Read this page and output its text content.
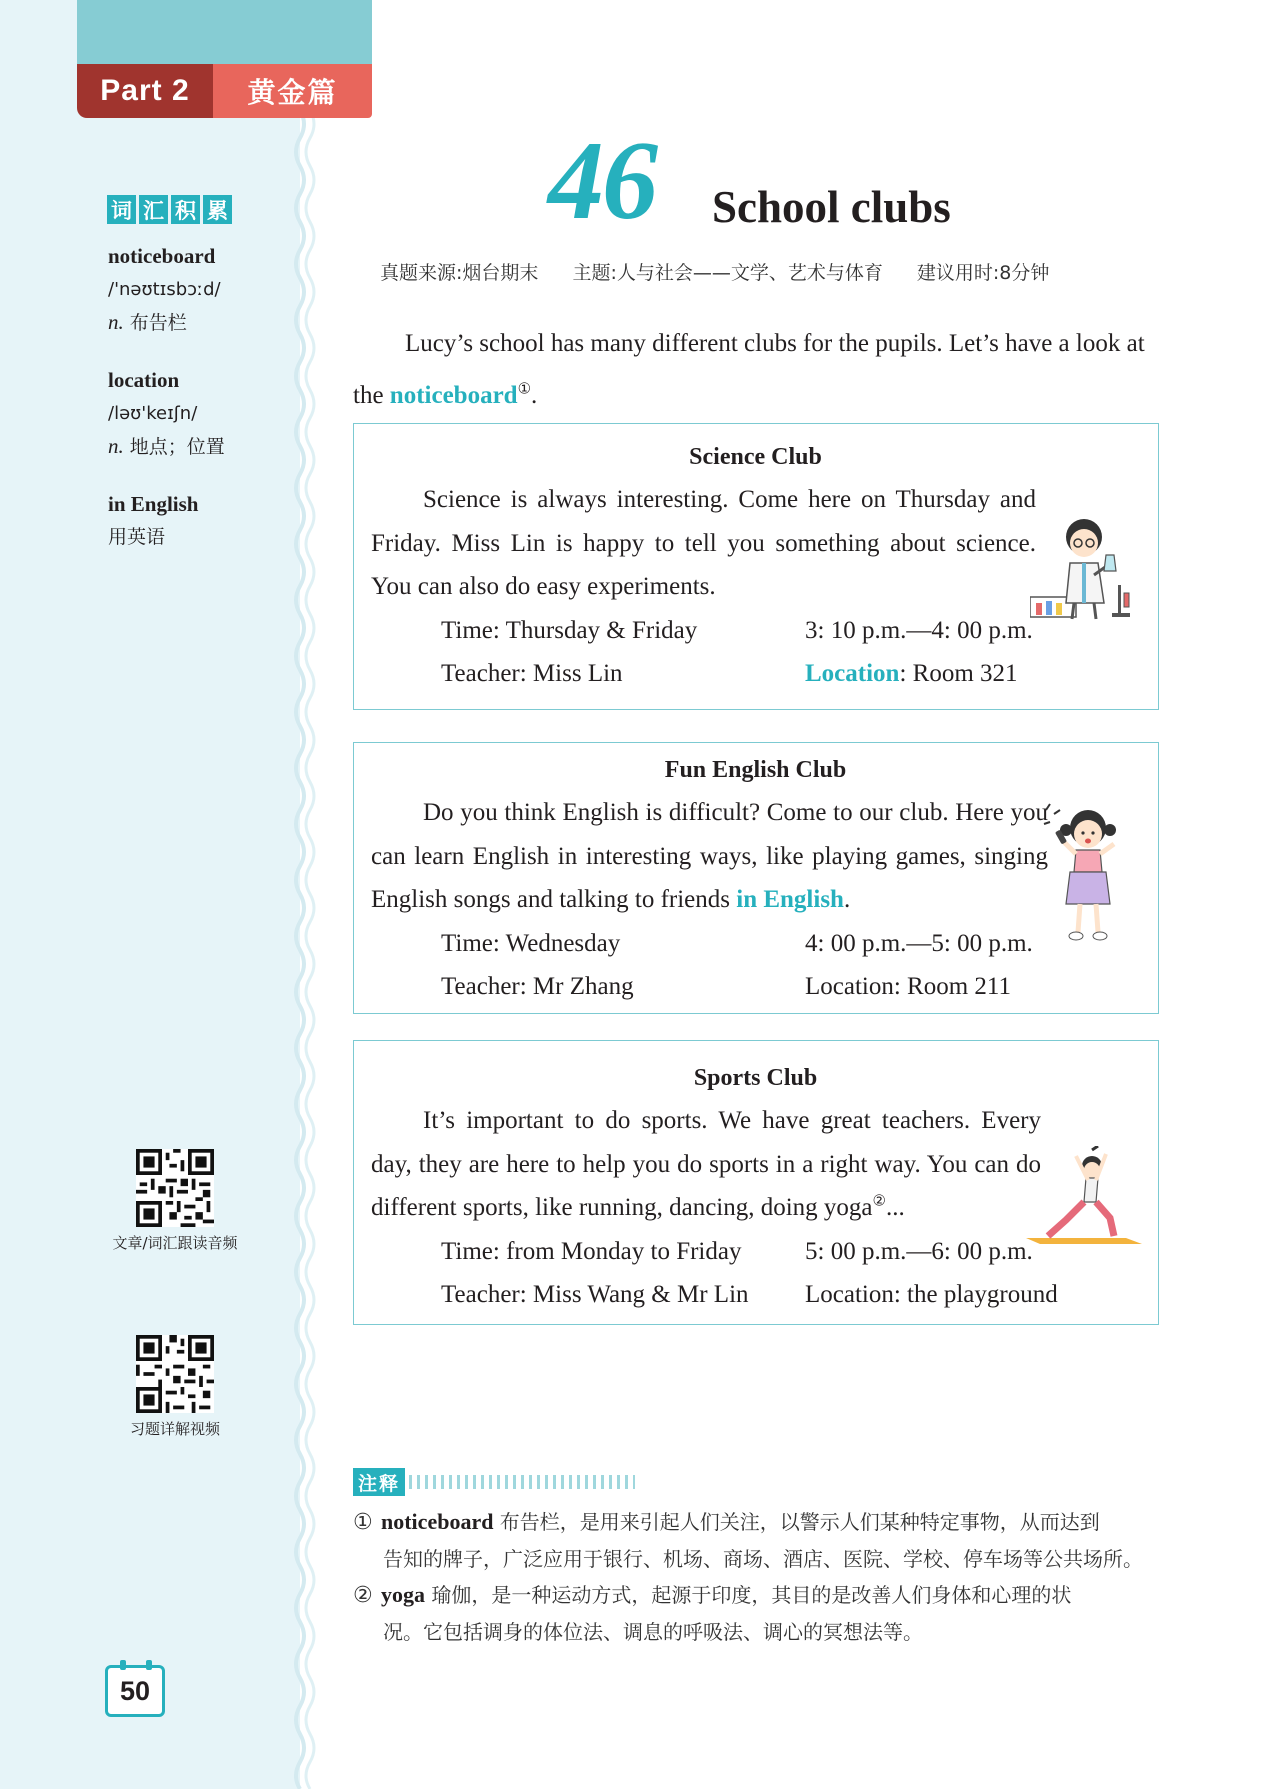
Part 2	黄金篇
词 汇 积 累
noticeboard
/'nəʊtɪsbɔːd/
n. 布告栏
location
/ləʊ'keɪʃn/
n. 地点；位置
in English
用英语
文章/词汇跟读音频
习题详解视频
50
46 School clubs
真题来源:烟台期末 主题:人与社会——文学、艺术与体育 建议用时:8分钟
Lucy’s school has many different clubs for the pupils. Let’s have a look at the noticeboard①.
Science Club
Science is always interesting. Come here on Thursday and Friday. Miss Lin is happy to tell you something about science. You can also do easy experiments.
Time: Thursday & Friday	3: 10 p.m.—4: 00 p.m.
Teacher: Miss Lin	Location: Room 321
Fun English Club
Do you think English is difficult? Come to our club. Here you can learn English in interesting ways, like playing games, singing English songs and talking to friends in English.
Time: Wednesday	4: 00 p.m.—5: 00 p.m.
Teacher: Mr Zhang	Location: Room 211
Sports Club
It’s important to do sports. We have great teachers. Every day, they are here to help you do sports in a right way. You can do different sports, like running, dancing, doing yoga②...
Time: from Monday to Friday	5: 00 p.m.—6: 00 p.m.
Teacher: Miss Wang & Mr Lin	Location: the playground
注释
① noticeboard 布告栏，是用来引起人们关注，以警示人们某种特定事物，从而达到
告知的牌子，广泛应用于银行、机场、商场、酒店、医院、学校、停车场等公共场所。
② yoga 瑜伽，是一种运动方式，起源于印度，其目的是改善人们身体和心理的状
况。它包括调身的体位法、调息的呼吸法、调心的冥想法等。
